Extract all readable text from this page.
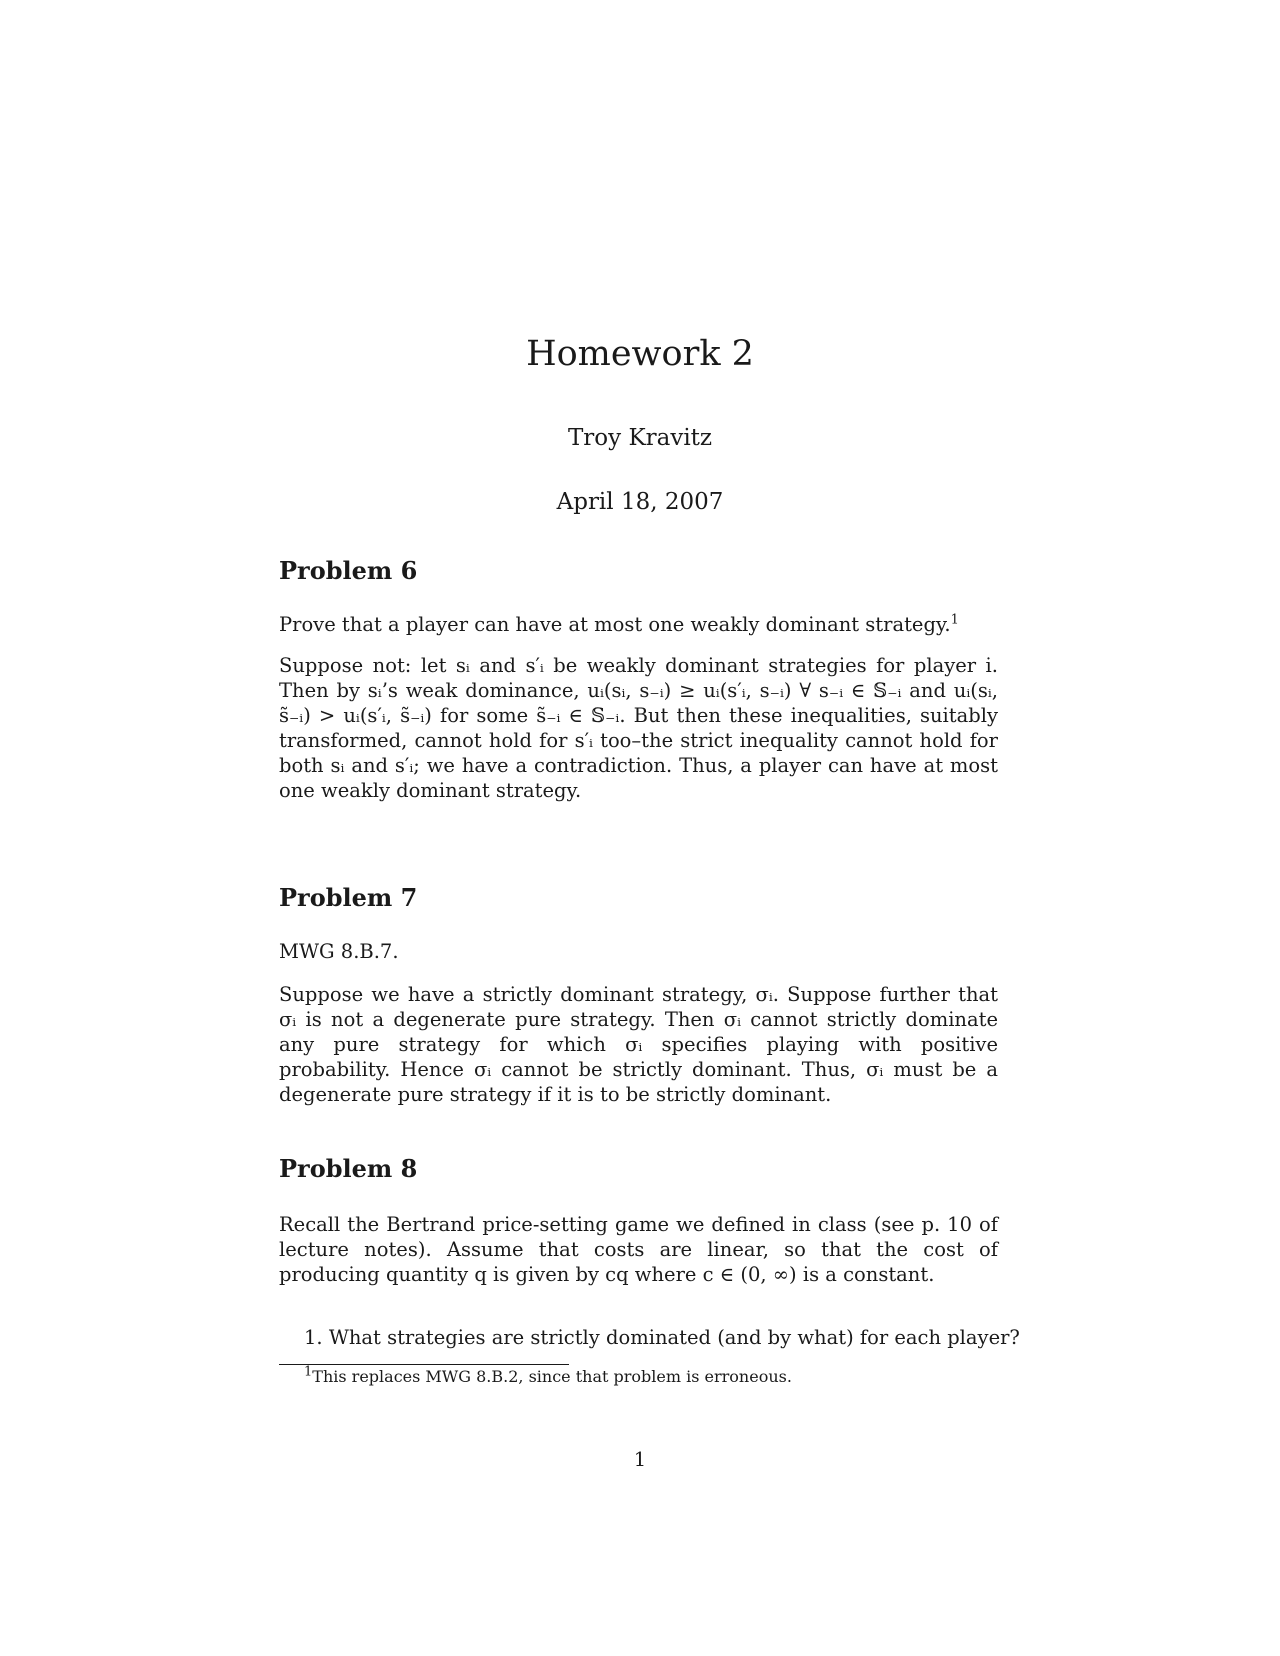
Homework 2
Troy Kravitz
April 18, 2007
Problem 6

Prove that a player can have at most one weakly dominant strategy.$^1$

Suppose not: let sᵢ and s′ᵢ be weakly dominant strategies for player i. Then by sᵢ’s weak dominance, uᵢ(sᵢ, s₋ᵢ) ≥ uᵢ(s′ᵢ, s₋ᵢ) ∀ s₋ᵢ ∈ 𝕊₋ᵢ and uᵢ(sᵢ, s̃₋ᵢ) > uᵢ(s′ᵢ, s̃₋ᵢ) for some s̃₋ᵢ ∈ 𝕊₋ᵢ. But then these inequalities, suitably transformed, cannot hold for s′ᵢ too–the strict inequality cannot hold for both sᵢ and s′ᵢ; we have a contradiction. Thus, a player can have at most one weakly dominant strategy.
Problem 7
MWG 8.B.7.
Suppose we have a strictly dominant strategy, σᵢ. Suppose further that σᵢ is not a degenerate pure strategy. Then σᵢ cannot strictly dominate any pure strategy for which σᵢ specifies playing with positive probability. Hence σᵢ cannot be strictly dominant. Thus, σᵢ must be a degenerate pure strategy if it is to be strictly dominant.
Problem 8
Recall the Bertrand price-setting game we defined in class (see p. 10 of lecture notes). Assume that costs are linear, so that the cost of producing quantity q is given by cq where c ∈ (0, ∞) is a constant.
1. What strategies are strictly dominated (and by what) for each player?
$^1$This replaces MWG 8.B.2, since that problem is erroneous.
1
